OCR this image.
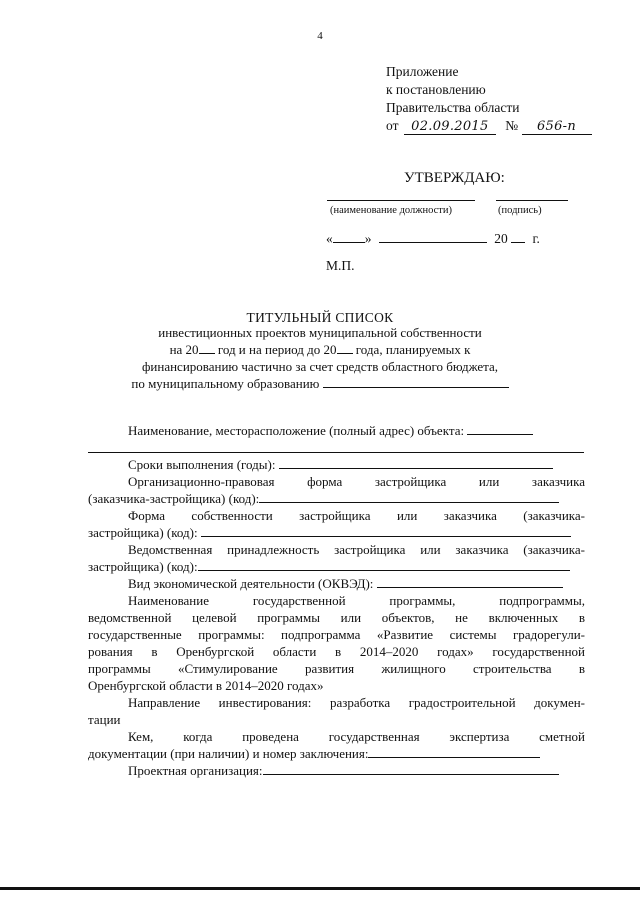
4
Приложение
к постановлению
Правительства области
от 02.09.2015 № 656-п
УТВЕРЖДАЮ:
(наименование должности)	(подпись)
« »	20 г.
М.П.
ТИТУЛЬНЫЙ СПИСОК
инвестиционных проектов муниципальной собственности
на 20 год и на период до 20 года, планируемых к
финансированию частично за счет средств областного бюджета,
по муниципальному образованию
Наименование, месторасположение (полный адрес) объекта:
Сроки выполнения (годы):
Организационно-правовая форма застройщика или заказчика
(заказчика-застройщика) (код):
Форма собственности застройщика или заказчика (заказчика-
застройщика) (код):
Ведомственная принадлежность застройщика или заказчика (заказчика-
застройщика) (код):
Вид экономической деятельности (ОКВЭД):
Наименование государственной программы, подпрограммы,
ведомственной целевой программы или объектов, не включенных в
государственные программы: подпрограмма «Развитие системы градорегули-
рования в Оренбургской области в 2014–2020 годах» государственной
программы «Стимулирование развития жилищного строительства в
Оренбургской области в 2014–2020 годах»
Направление инвестирования: разработка градостроительной докумен-
тации
Кем, когда проведена государственная экспертиза сметной
документации (при наличии) и номер заключения:
Проектная организация:
